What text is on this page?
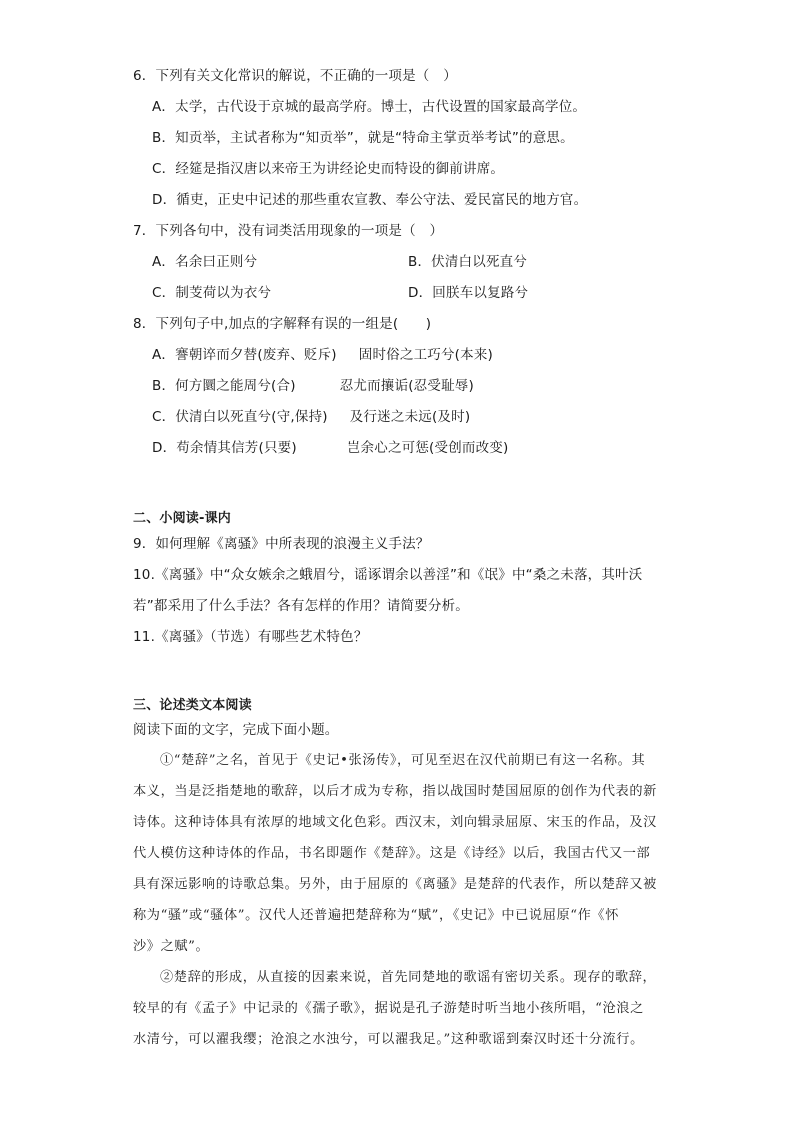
6．下列有关文化常识的解说，不正确的一项是（　）
A．太学，古代设于京城的最高学府。博士，古代设置的国家最高学位。
B．知贡举，主试者称为“知贡举”，就是“特命主掌贡举考试”的意思。
C．经筵是指汉唐以来帝王为讲经论史而特设的御前讲席。
D．循吏，正史中记述的那些重农宣教、奉公守法、爱民富民的地方官。
7．下列各句中，没有词类活用现象的一项是（　）
A．名余曰正则兮	B．伏清白以死直兮
C．制芰荷以为衣兮	D．回朕车以复路兮
8．下列句子中,加点的字解释有误的一组是(　　)
A．謇朝谇而夕替(废弃、贬斥) 固时俗之工巧兮(本来)
B．何方圜之能周兮(合)	忍尤而攘诟(忍受耻辱)
C．伏清白以死直兮(守,保持) 及行迷之未远(及时)
D．苟余情其信芳(只要)	岂余心之可惩(受创而改变)
二、小阅读-课内
9．如何理解《离骚》中所表现的浪漫主义手法？
10.《离骚》中“众女嫉余之蛾眉兮，谣诼谓余以善淫”和《氓》中“桑之未落，其叶沃
若”都采用了什么手法？各有怎样的作用？请简要分析。
11.《离骚》（节选）有哪些艺术特色？
三、论述类文本阅读
阅读下面的文字，完成下面小题。
①“楚辞”之名，首见于《史记•张汤传》，可见至迟在汉代前期已有这一名称。其
本义，当是泛指楚地的歌辞，以后才成为专称，指以战国时楚国屈原的创作为代表的新
诗体。这种诗体具有浓厚的地域文化色彩。西汉末，刘向辑录屈原、宋玉的作品，及汉
代人模仿这种诗体的作品，书名即题作《楚辞》。这是《诗经》以后，我国古代又一部
具有深远影响的诗歌总集。另外，由于屈原的《离骚》是楚辞的代表作，所以楚辞又被
称为“骚”或“骚体”。汉代人还普遍把楚辞称为“赋”，《史记》中已说屈原“作《怀
沙》之赋”。
②楚辞的形成，从直接的因素来说，首先同楚地的歌谣有密切关系。现存的歌辞，
较早的有《孟子》中记录的《孺子歌》，据说是孔子游楚时听当地小孩所唱，“沧浪之
水清兮，可以濯我缨；沧浪之水浊兮，可以濯我足。”这种歌谣到秦汉时还十分流行。
